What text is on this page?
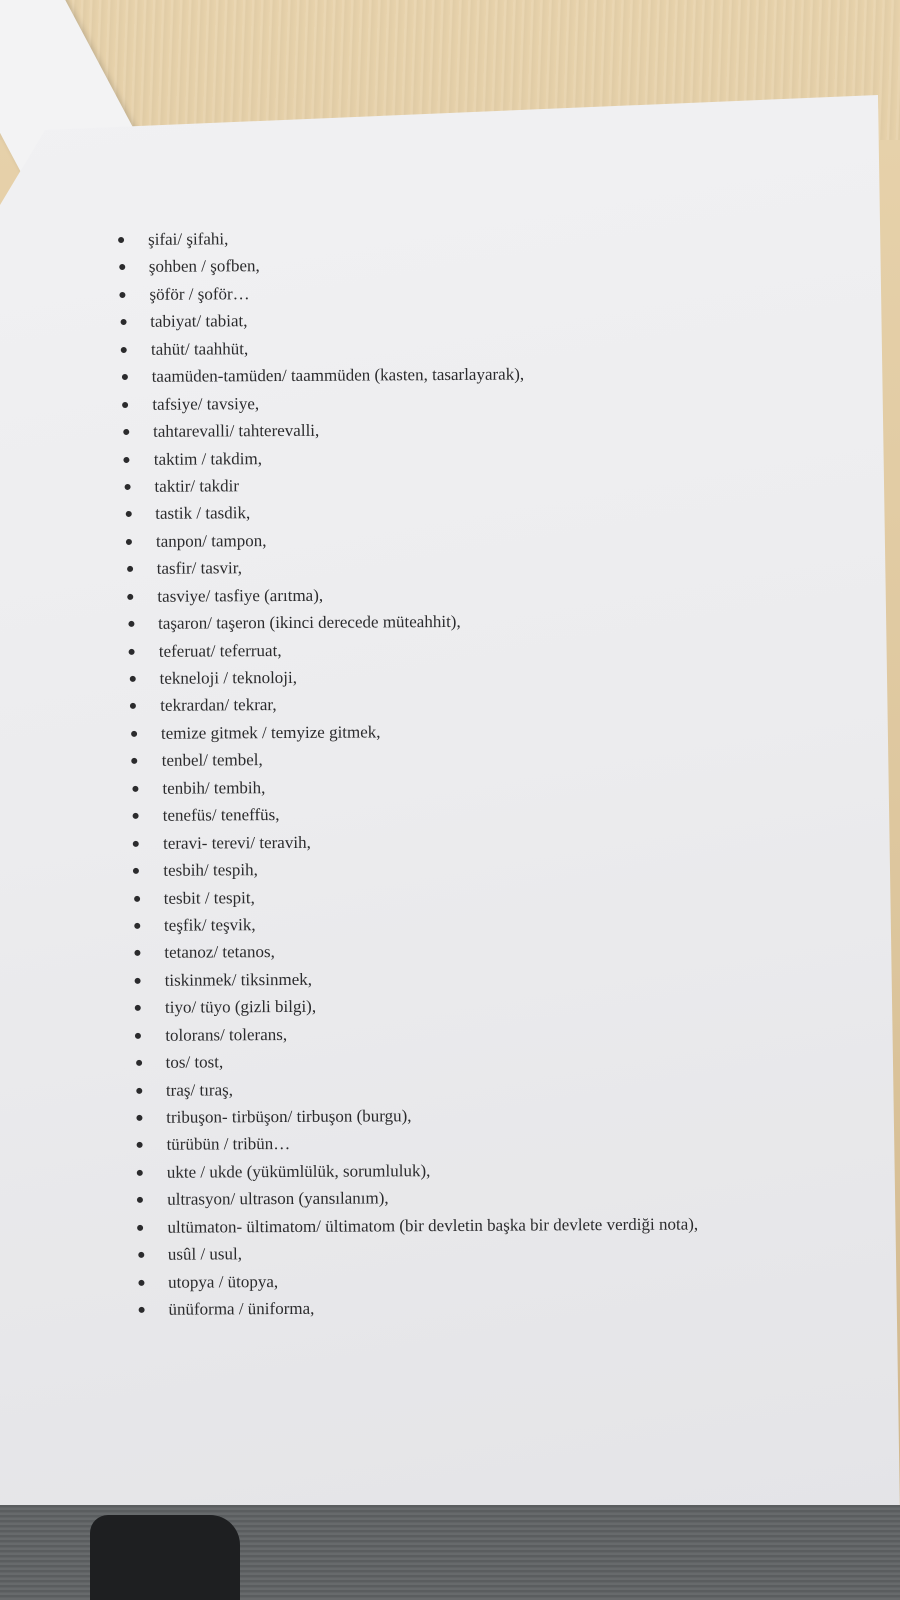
şifai/ şifahi,
şohben / şofben,
şöför / şoför…
tabiyat/ tabiat,
tahüt/ taahhüt,
taamüden-tamüden/ taammüden (kasten, tasarlayarak),
tafsiye/ tavsiye,
tahtarevalli/ tahterevalli,
taktim / takdim,
taktir/ takdir
tastik / tasdik,
tanpon/ tampon,
tasfir/ tasvir,
tasviye/ tasfiye (arıtma),
taşaron/ taşeron (ikinci derecede müteahhit),
teferuat/ teferruat,
tekneloji / teknoloji,
tekrardan/ tekrar,
temize gitmek / temyize gitmek,
tenbel/ tembel,
tenbih/ tembih,
tenefüs/ teneffüs,
teravi- terevi/ teravih,
tesbih/ tespih,
tesbit / tespit,
teşfik/ teşvik,
tetanoz/ tetanos,
tiskinmek/ tiksinmek,
tiyo/ tüyo (gizli bilgi),
tolorans/ tolerans,
tos/ tost,
traş/ tıraş,
tribuşon- tirbüşon/ tirbuşon (burgu),
türübün / tribün…
ukte / ukde (yükümlülük, sorumluluk),
ultrasyon/ ultrason (yansılanım),
ultümaton- ültimatom/ ültimatom (bir devletin başka bir devlete verdiği nota),
usûl / usul,
utopya / ütopya,
ünüforma / üniforma,
